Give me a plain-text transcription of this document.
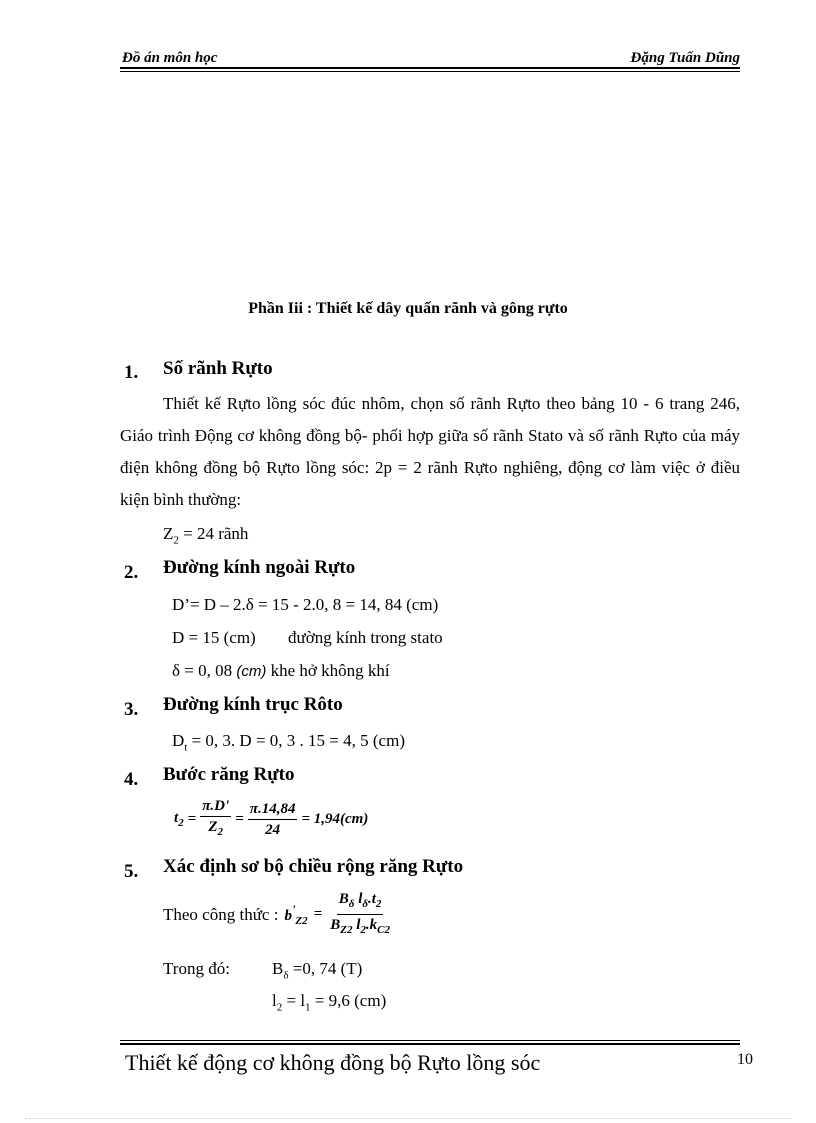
Đồ án môn học	Đặng Tuấn Dũng
Phần Iii : Thiết kế dây quấn rãnh và gông rựto
1. Số rãnh Rựto
Thiết kế Rựto lồng sóc đúc nhôm, chọn số rãnh Rựto theo bảng 10 - 6 trang 246, Giáo trình Động cơ không đồng bộ- phối hợp giữa số rãnh Stato và số rãnh Rựto của máy điện không đồng bộ Rựto lồng sóc: 2p = 2 rãnh Rựto nghiêng, động cơ làm việc ở điều kiện bình thường:
$Z_2 = 24$ rãnh
2. Đường kính ngoài Rựto
D’= D – 2.δ = 15 - 2.0, 8 = 14, 84 (cm)
D = 15 (cm) đường kính trong stato
δ = 0, 08 (cm) khe hở không khí
3. Đường kính trục Rôto
$D_t = 0$, 3. D = 0, 3 . 15 = 4, 5 (cm)
4. Bước răng Rựto
$t_2 = \frac{\pi.D'}{Z_2} = \frac{\pi.14,84}{24} = 1,94(cm)$
5. Xác định sơ bộ chiều rộng răng Rựto
Theo công thức : $b'_{Z2} = \frac{B_\delta l_\delta.t_2}{B_{Z2} l_2.k_{C2}}$
Trong đó: $B_\delta =0$, 74 (T)
$l_2 = l_1 = 9,6$ (cm)
Thiết kế động cơ không đồng bộ Rựto lồng sóc	10
